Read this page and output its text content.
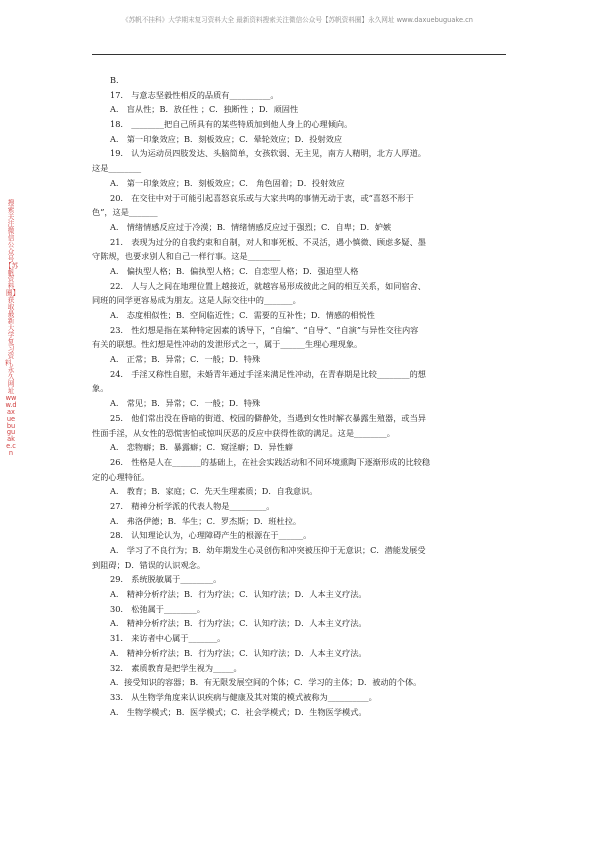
《苏帆不挂科》大学期末复习资料大全 最新资料搜索关注微信公众号【苏帆资料圈】永久网址 www.daxuebuguake.cn
搜索关注微信公众号【苏帆资料圈】获取最新大学复习资料，永久网址 www.daxuebuguake.cn
B.
17.　与意志坚毅性相反的品质有__________。
A.　盲从性；B．放任性 ；C．独断性 ；D．顽固性
18.　________把自己所具有的某些特质加到他人身上的心理倾向。
A.　第一印象效应；B．刻板效应；C．晕轮效应；D．投射效应
19.　认为运动员四肢发达、头脑简单，女孩软弱、无主见，南方人精明，北方人厚道。
这是________
A.　第一印象效应；B．刻板效应；C． 角色固着；D．投射效应
20.　在交往中对于可能引起喜怒哀乐或与大家共鸣的事情无动于衷，或“喜怒不形于
色”，这是_______
A.　情绪情感反应过于冷漠；B．情绪情感反应过于强烈；C．自卑；D．妒嫉
21.　表现为过分的自我约束和自制，对人和事死板、不灵活，遇小慎微、顾虑多疑、墨
守陈规，也要求别人和自己一样行事。这是________
A.　偏执型人格；B．偏执型人格；C．自恋型人格；D．强迫型人格
22.　人与人之间在地理位置上越接近，就越容易形成彼此之间的相互关系，如同宿舍、
同班的同学更容易成为朋友。这是人际交往中的_______。
A.　态度相似性；B．空间临近性；C．需要的互补性；D．情感的相悦性
23.　性幻想是指在某种特定因素的诱导下，“自编”、“自导”、“自演”与异性交往内容
有关的联想。性幻想是性冲动的发泄形式之一，属于______生理心理现象。
A.　正常；B．异常；C．一般；D．特殊
24.　手淫又称性自慰，未婚青年通过手淫来满足性冲动，在青春期是比较________的想
象。
A.　常见；B．异常；C．一般；D．特殊
25.　他们常出没在昏暗的街道、校园的僻静处，当遇到女性时解衣暴露生殖器，或当异
性面手淫，从女性的恐慌害怕或惊叫厌恶的反应中获得性欲的满足。这是________。
A.　恋物癖；B．暴露癖；C．窥淫癖；D．异性癖
26.　性格是人在_______的基础上，在社会实践活动和不同环境熏陶下逐渐形成的比较稳
定的心理特征。
A.　教育；B．家庭；C．先天生理素质；D．自我意识。
27.　精神分析学派的代表人物是_________。
A.　弗洛伊德；B．华生；C．罗杰斯；D．班杜拉。
28.　认知理论认为，心理障碍产生的根源在于______。
A.　学习了不良行为；B．幼年期发生心灵创伤和冲突被压抑于无意识；C．潜能发展受
到阻碍；D．错误的认识观念。
29.　系统脱敏属于________。
A.　精神分析疗法；B．行为疗法；C．认知疗法；D．人本主义疗法。
30.　松弛属于________。
A.　精神分析疗法；B．行为疗法；C．认知疗法；D．人本主义疗法。
31.　来访者中心属于_______。
A.　精神分析疗法；B．行为疗法；C．认知疗法；D．人本主义疗法。
32.　素质教育是把学生视为_____。
A．接受知识的容器；B．有无限发展空间的个体；C．学习的主体；D．被动的个体。
33.　从生物学角度来认识疾病与健康及其对策的模式被称为__________。
A.　生物学模式；B．医学模式；C．社会学模式；D．生物医学模式。
